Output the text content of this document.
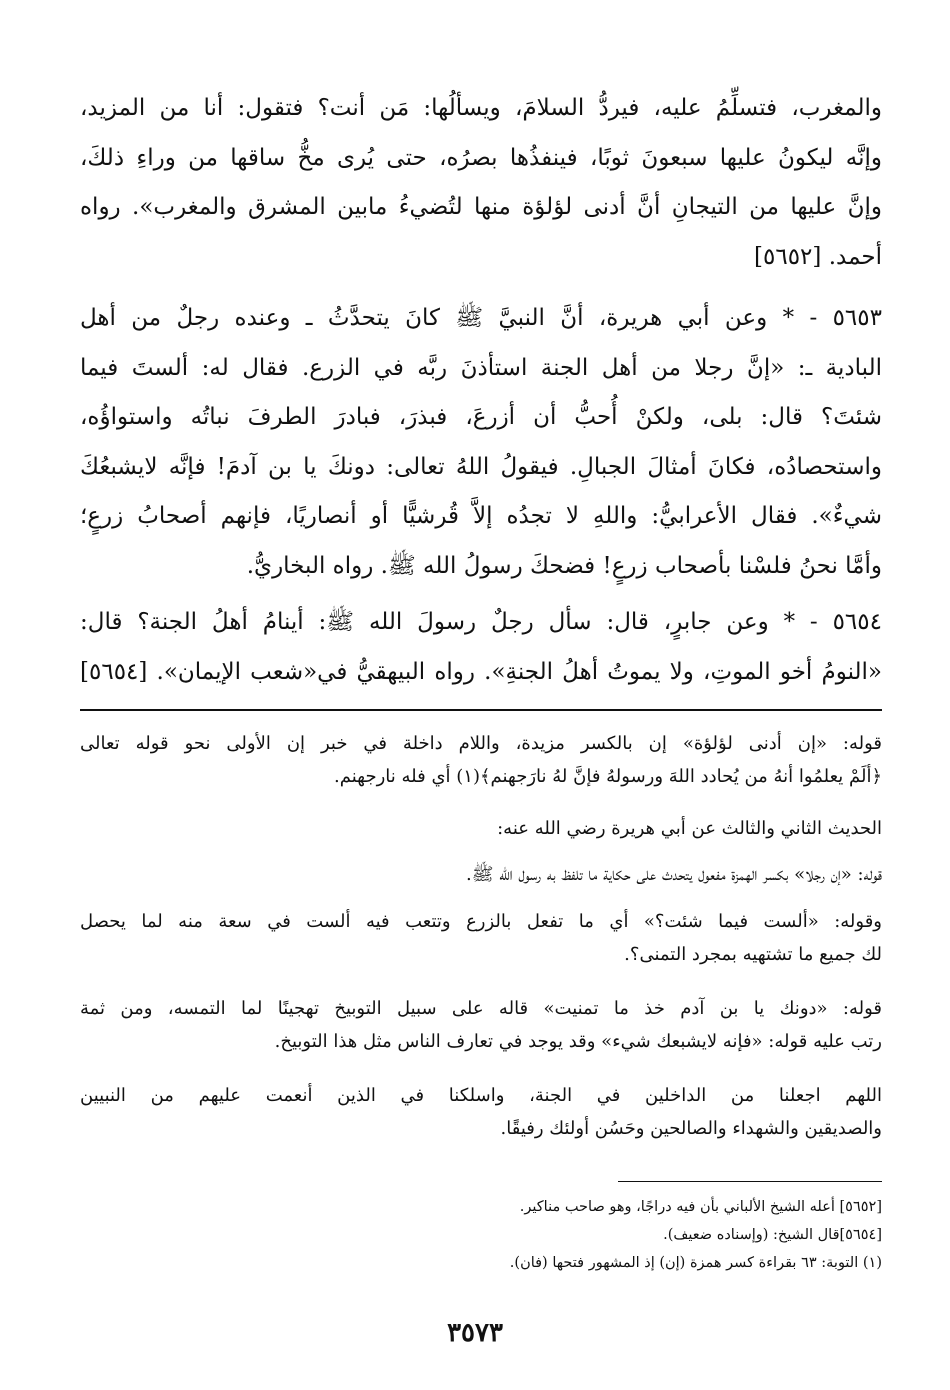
والمغرب، فتسلِّمُ عليه، فيردُّ السلامَ، ويسألُها: مَن أنت؟ فتقول: أنا من المزيد،
وإنَّه ليكونُ عليها سبعونَ ثوبًا، فينفذُها بصرُه، حتى يُرى مخُّ ساقها من وراءِ ذلكَ،
وإنَّ عليها من التيجانِ أنَّ أدنى لؤلؤة منها لتُضيءُ مابين المشرق والمغرب». رواه
أحمد. [٥٦٥٢]
٥٦٥٣ - * وعن أبي هريرة، أنَّ النبيَّ ﷺ كانَ يتحدَّثُ ـ وعنده رجلٌ من أهل
البادية ـ: «إنَّ رجلا من أهل الجنة استأذنَ ربَّه في الزرع. فقال له: ألستَ فيما
شئتَ؟ قال: بلى، ولكنْ أُحبُّ أن أزرعَ، فبذرَ، فبادرَ الطرفَ نباتُه واستواؤُه،
واستحصادُه، فكانَ أمثالَ الجبالِ. فيقولُ اللهُ تعالى: دونكَ يا بن آدمَ! فإنَّه لايشبعُكَ
شيءٌ». فقال الأعرابيُّ: واللهِ لا تجدُه إلاَّ قُرشيًّا أو أنصاريًا، فإنهم أصحابُ زرعٍ؛
وأمَّا نحنُ فلسْنا بأصحاب زرعٍ! فضحكَ رسولُ الله ﷺ. رواه البخاريُّ.
٥٦٥٤ - * وعن جابرٍ، قال: سأل رجلٌ رسولَ الله ﷺ: أينامُ أهلُ الجنة؟ قال:
«النومُ أخو الموتِ، ولا يموتُ أهلُ الجنةِ». رواه البيهقيُّ في«شعب الإيمان». [٥٦٥٤]
قوله: «إن أدنى لؤلؤة» إن بالكسر مزيدة، واللام داخلة في خبر إن الأولى نحو قوله تعالى
﴿ألَمْ يعلمُوا أنهُ من يُحادد اللهَ ورسولهُ فإنَّ لهُ نارَجهنم﴾(١) أي فله نارجهنم.
الحديث الثاني والثالث عن أبي هريرة رضي الله عنه:
قوله: «إن رجلا» بكسر الهمزة مفعول يتحدث على حكاية ما تلفظ به رسول الله ﷺ.
وقوله: «ألست فيما شئت؟» أي ما تفعل بالزرع وتتعب فيه ألست في سعة منه لما يحصل
لك جميع ما تشتهيه بمجرد التمنى؟.
قوله: «دونك يا بن آدم خذ ما تمنيت» قاله على سبيل التوبيخ تهجينًا لما التمسه، ومن ثمة
رتب عليه قوله: «فإنه لايشبعك شيء» وقد يوجد في تعارف الناس مثل هذا التوبيخ.
اللهم اجعلنا من الداخلين في الجنة، واسلكنا في الذين أنعمت عليهم من النبيين
والصديقين والشهداء والصالحين وحَسُن أولئك رفيقًا.
[٥٦٥٢] أعله الشيخ الألباني بأن فيه دراجًا، وهو صاحب مناكير.
[٥٦٥٤]قال الشيخ: (وإسناده ضعيف).
(١) التوبة: ٦٣ بقراءة كسر همزة (إن) إذ المشهور فتحها (فان).
٣٥٧٣
